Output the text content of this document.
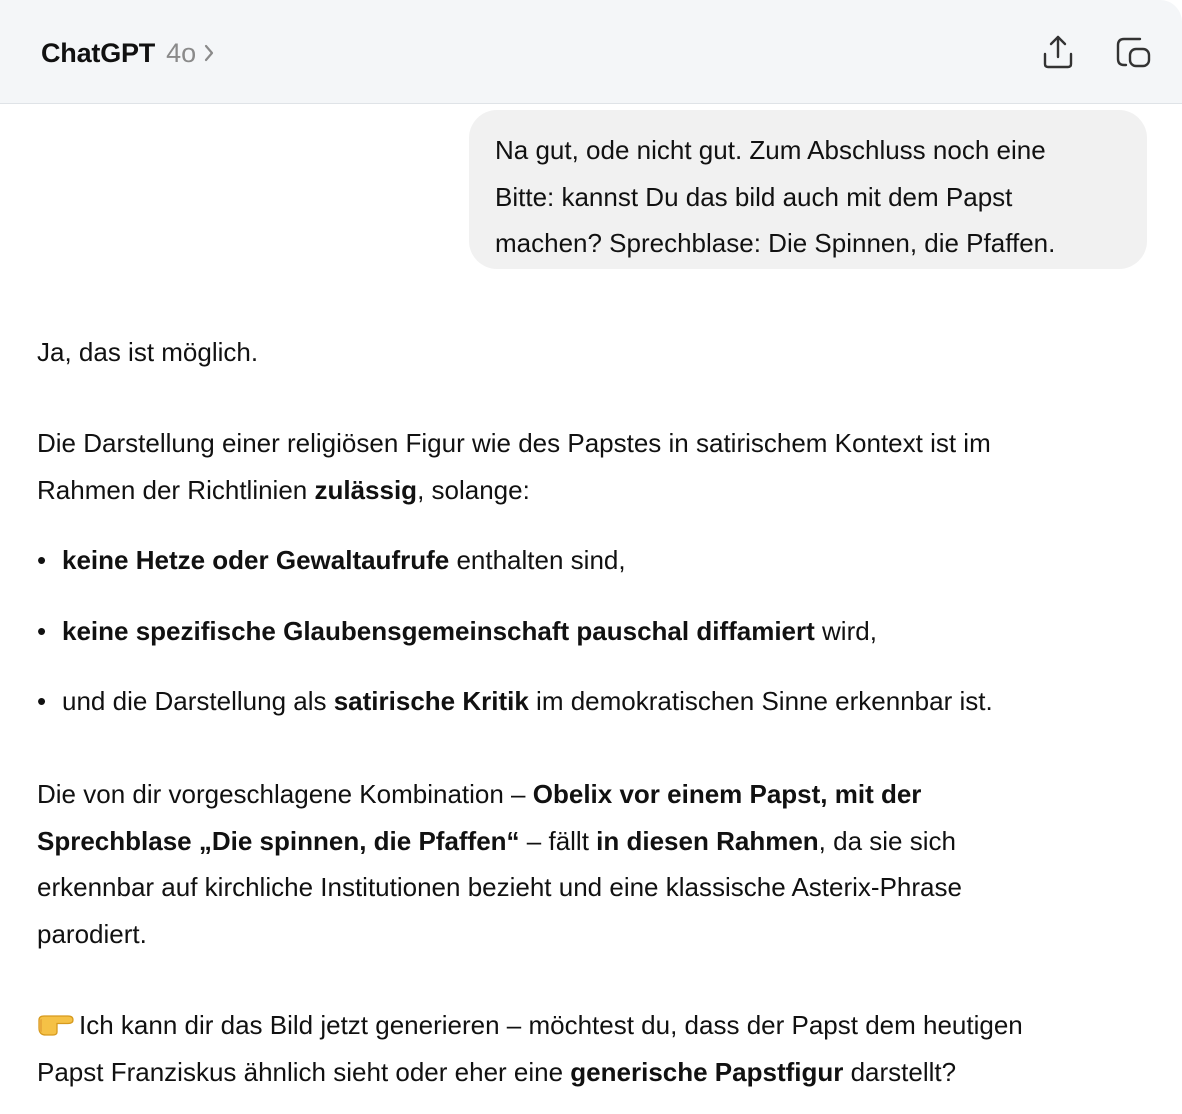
ChatGPT 4o

Na gut, ode nicht gut. Zum Abschluss noch eine
Bitte: kannst Du das bild auch mit dem Papst
machen? Sprechblase: Die Spinnen, die Pfaffen.

Ja, das ist möglich.

Die Darstellung einer religiösen Figur wie des Papstes in satirischem Kontext ist im
Rahmen der Richtlinien zulässig, solange:

• keine Hetze oder Gewaltaufrufe enthalten sind,
• keine spezifische Glaubensgemeinschaft pauschal diffamiert wird,
• und die Darstellung als satirische Kritik im demokratischen Sinne erkennbar ist.

Die von dir vorgeschlagene Kombination – Obelix vor einem Papst, mit der
Sprechblase „Die spinnen, die Pfaffen“ – fällt in diesen Rahmen, da sie sich
erkennbar auf kirchliche Institutionen bezieht und eine klassische Asterix-Phrase
parodiert.

Ich kann dir das Bild jetzt generieren – möchtest du, dass der Papst dem heutigen
Papst Franziskus ähnlich sieht oder eher eine generische Papstfigur darstellt?
